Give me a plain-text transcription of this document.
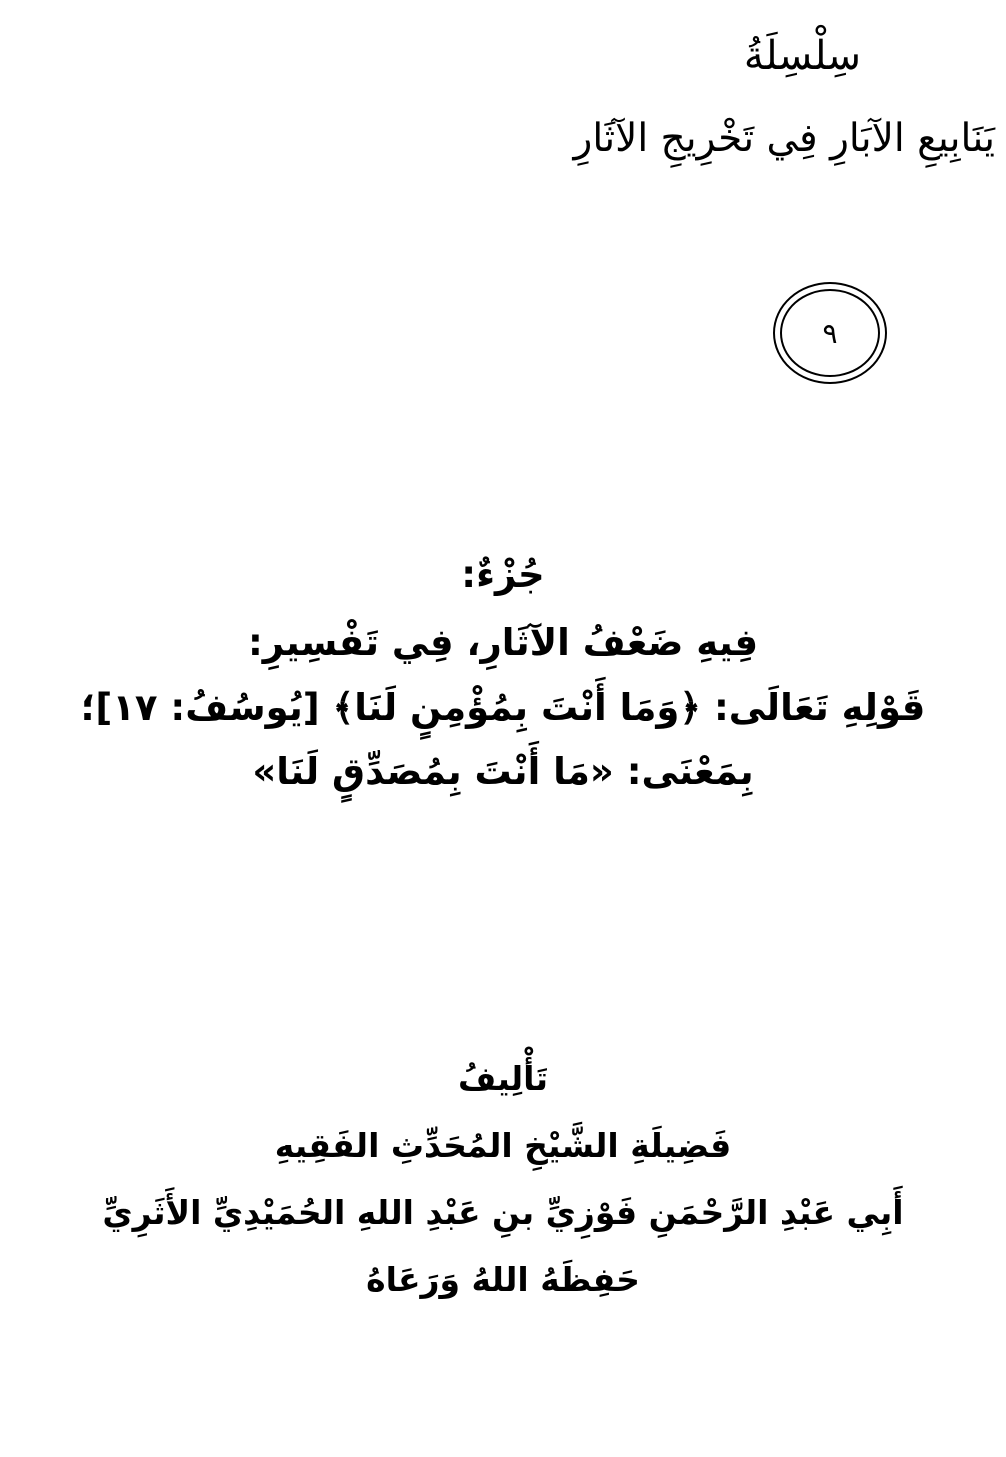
سِلْسِلَةُ
يَنَابِيعِ الآبَارِ فِي تَخْرِيجِ الآثَارِ
٩
جُزْءٌ:
فِيهِ ضَعْفُ الآثَارِ، فِي تَفْسِيرِ:
قَوْلِهِ تَعَالَى: ﴿وَمَا أَنْتَ بِمُؤْمِنٍ لَنَا﴾ [يُوسُفُ: ١٧]؛
بِمَعْنَى: «مَا أَنْتَ بِمُصَدِّقٍ لَنَا»
تَأْلِيفُ
فَضِيلَةِ الشَّيْخِ المُحَدِّثِ الفَقِيهِ
أَبِي عَبْدِ الرَّحْمَنِ فَوْزِيِّ بنِ عَبْدِ اللهِ الحُمَيْدِيِّ الأَثَرِيِّ
حَفِظَهُ اللهُ وَرَعَاهُ
